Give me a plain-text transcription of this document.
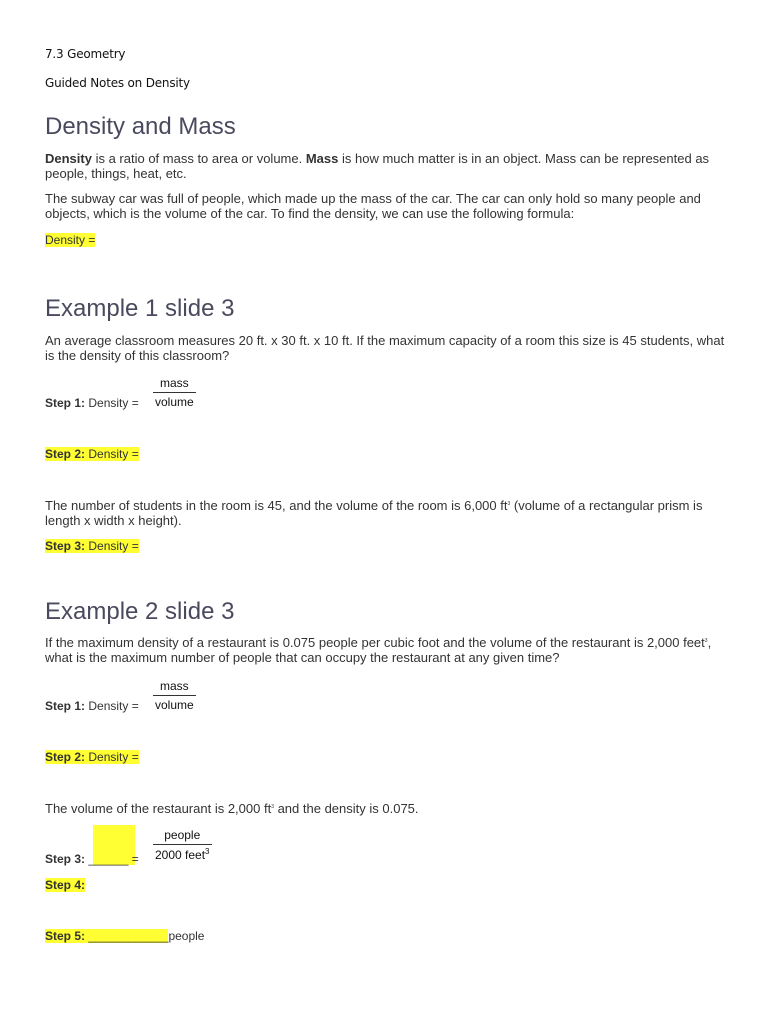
7.3 Geometry
Guided Notes on Density
Density and Mass
Density is a ratio of mass to area or volume. Mass is how much matter is in an object. Mass can be represented as people, things, heat, etc.
The subway car was full of people, which made up the mass of the car. The car can only hold so many people and objects, which is the volume of the car. To find the density, we can use the following formula:
Density =
Example 1 slide 3
An average classroom measures 20 ft. x 30 ft. x 10 ft. If the maximum capacity of a room this size is 45 students, what is the density of this classroom?
Step 1: Density =
mass
volume
Step 2: Density =
The number of students in the room is 45, and the volume of the room is 6,000 $ft^3$ (volume of a rectangular prism is length x width x height).
Step 3: Density =
Example 2 slide 3
If the maximum density of a restaurant is 0.075 people per cubic foot and the volume of the restaurant is 2,000 feet$^3$, what is the maximum number of people that can occupy the restaurant at any given time?
Step 1: Density =
mass
volume
Step 2: Density =
The volume of the restaurant is 2,000 $ft^3$ and the density is 0.075.
Step 3: ______ =
people
2000 feet$^3$
Step 4:
Step 5: ____________people
